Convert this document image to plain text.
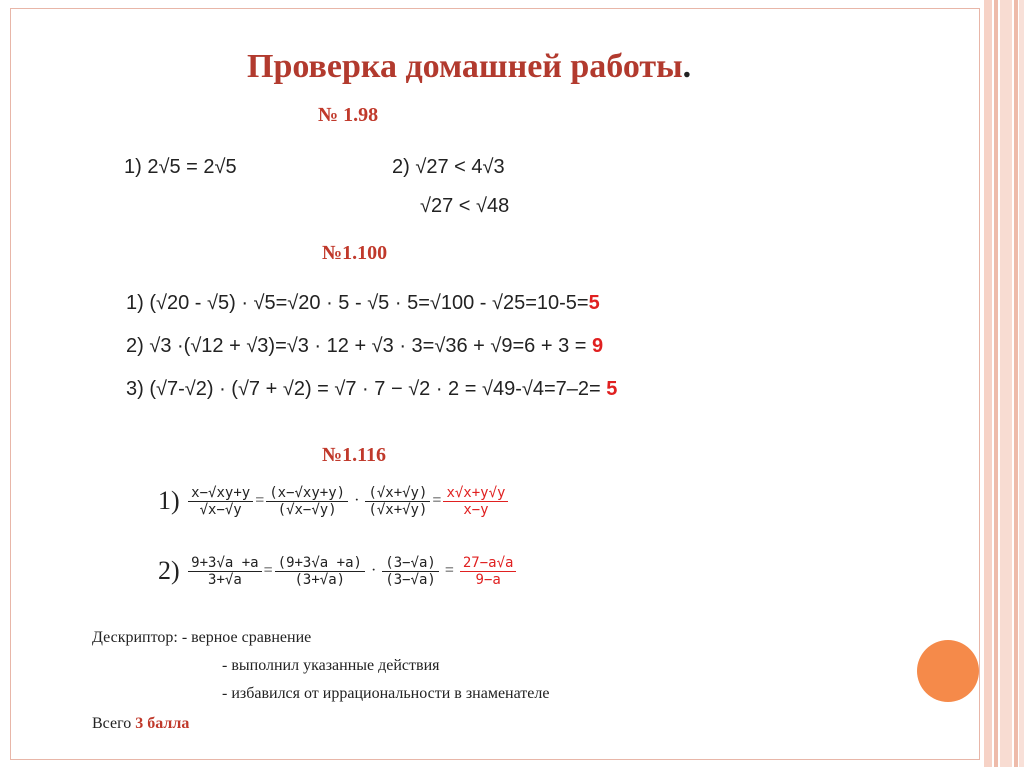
Проверка домашней работы.
№ 1.98
1) 2√5 = 2√5	2) √27 < 4√3
√27 < √48
№1.100
1) (√20 - √5) · √5=√20 · 5 - √5 · 5=√100 - √25=10-5=5
2) √3 ·(√12 + √3)=√3 · 12 + √3 · 3=√36 + √9=6 + 3 = 9
3) (√7-√2) · (√7 + √2) = √7 · 7 − √2 · 2 = √49-√4=7–2= 5
№1.116
$1) \frac{x-√xy+y}{√x-√y} = \frac{(x-√xy+y)}{(√x-√y)} \cdot \frac{(√x+√y)}{(√x+√y)} = \frac{x√x+y√y}{x-y}$
$2) \frac{9+3√a +a}{3+√a} = \frac{(9+3√a +a)}{(3+√a)} \cdot \frac{(3-√a)}{(3-√a)} = \frac{27-a√a}{9-a}$
Дескриптор: - верное сравнение
- выполнил указанные действия
- избавился от иррациональности в знаменателе
Всего 3 балла
